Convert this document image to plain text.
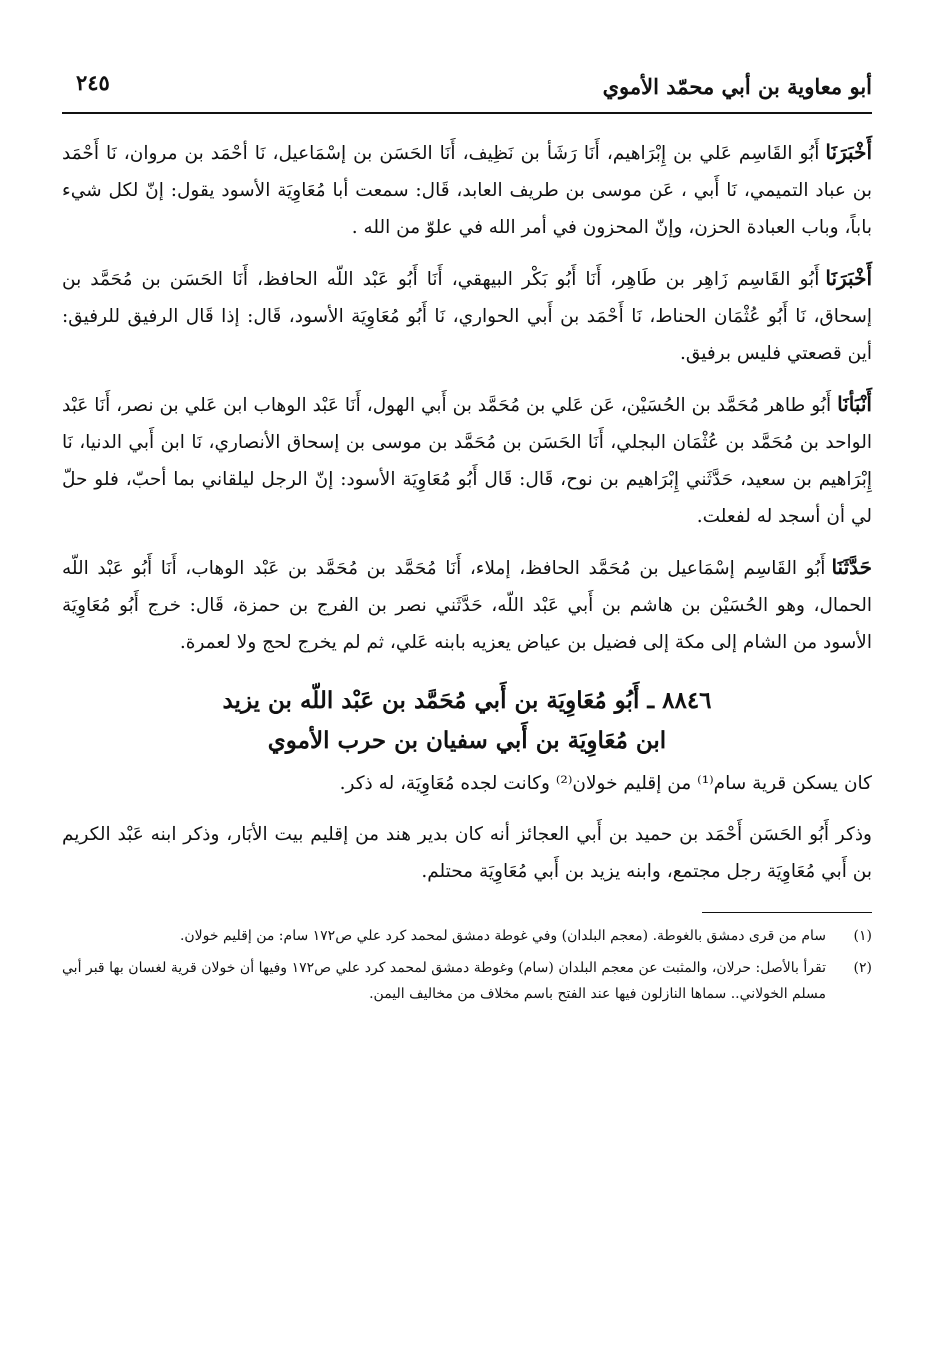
أبو معاوية بن أبي محمّد الأموي
٢٤٥

أَخْبَرَنَاأَبُو القَاسِم عَلي بن إِبْرَاهيم، أَنَا رَشَأ بن نَظِيف، أَنَا الحَسَن بن إسْمَاعيل، نَا أحْمَد بن مروان، نَا أَحْمَد بن عباد التميمي، نَا أَبي ، عَن موسى بن طريف العابد، قَال: سمعت أبا مُعَاوِيَة الأسود يقول: إنّ لكل شيء باباً، وباب العبادة الحزن، وإنّ المحزون في أمر الله في علوّ من الله .

أَخْبَرَنَاأَبُو القَاسِم زَاهِر بن طَاهِر، أَنَا أَبُو بَكْر البيهقي، أَنَا أَبُو عَبْد اللّه الحافظ، أَنَا الحَسَن بن مُحَمَّد بن إسحاق، نَا أَبُو عُثْمَان الحناط، نَا أَحْمَد بن أَبي الحواري، نَا أَبُو مُعَاوِيَة الأسود، قَال: إذا قَال الرفيق للرفيق: أين قصعتي فليس برفيق.

أَنْبَأنَاأَبُو طاهر مُحَمَّد بن الحُسَيْن، عَن عَلي بن مُحَمَّد بن أَبي الهول، أَنَا عَبْد الوهاب ابن عَلي بن نصر، أَنَا عَبْد الواحد بن مُحَمَّد بن عُثْمَان البجلي، أَنَا الحَسَن بن مُحَمَّد بن موسى بن إسحاق الأنصاري، نَا ابن أَبي الدنيا، نَا إِبْرَاهيم بن سعيد، حَدَّثَني إِبْرَاهيم بن نوح، قَال: قَال أَبُو مُعَاوِيَة الأسود: إنّ الرجل ليلقاني بما أحبّ، فلو حلّ لي أن أسجد له لفعلت.

حَدَّثَنَاأَبُو القَاسِم إسْمَاعيل بن مُحَمَّد الحافظ، إملاء، أَنَا مُحَمَّد بن مُحَمَّد بن عَبْد الوهاب، أَنَا أَبُو عَبْد اللّه الحمال، وهو الحُسَيْن بن هاشم بن أَبي عَبْد اللّه، حَدَّثَني نصر بن الفرج بن حمزة، قَال: خرج أَبُو مُعَاوِيَة الأسود من الشام إلى مكة إلى فضيل بن عياض يعزيه بابنه عَلي، ثم لم يخرج لحج ولا لعمرة.

٨٨٤٦ ـ أَبُو مُعَاوِيَة بن أَبي مُحَمَّد بن عَبْد اللّه بن يزيد
ابن مُعَاوِيَة بن أَبي سفيان بن حرب الأموي

كان يسكن قرية سام⁽¹⁾ من إقليم خولان⁽²⁾ وكانت لجده مُعَاوِيَة، له ذكر.

وذكر أَبُو الحَسَن أَحْمَد بن حميد بن أَبي العجائز أنه كان بدير هند من إقليم بيت الأبَار، وذكر ابنه عَبْد الكريم بن أَبي مُعَاوِيَة رجل مجتمع، وابنه يزيد بن أَبي مُعَاوِيَة محتلم.

(١)
سام من قرى دمشق بالغوطة. (معجم البلدان) وفي غوطة دمشق لمحمد كرد علي ص١٧٢ سام: من إقليم خولان.
(٢)
تقرأ بالأصل: حرلان، والمثبت عن معجم البلدان (سام) وغوطة دمشق لمحمد كرد علي ص١٧٢ وفيها أن خولان قرية لغسان بها قبر أبي مسلم الخولاني.. سماها النازلون فيها عند الفتح باسم مخلاف من مخاليف اليمن.
